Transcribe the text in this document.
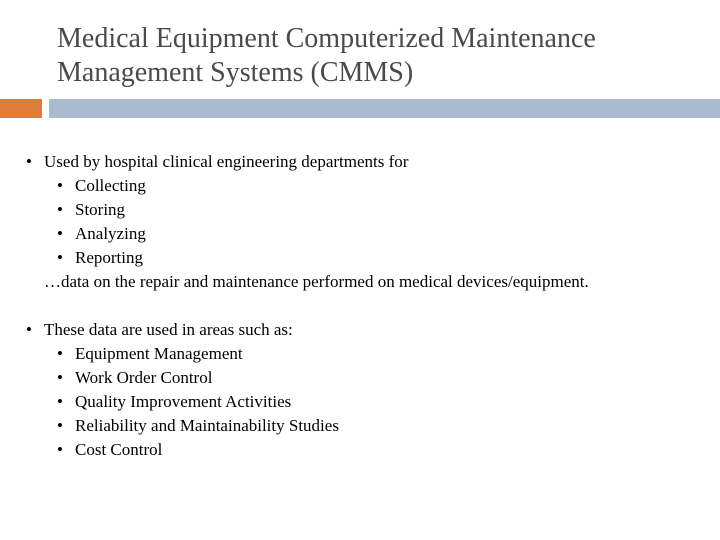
Medical Equipment Computerized Maintenance
Management Systems (CMMS)
• Used by hospital clinical engineering departments for
• Collecting
• Storing
• Analyzing
• Reporting
…data on the repair and maintenance performed on medical devices/equipment.
• These data are used in areas such as:
• Equipment Management
• Work Order Control
• Quality Improvement Activities
• Reliability and Maintainability Studies
• Cost Control
